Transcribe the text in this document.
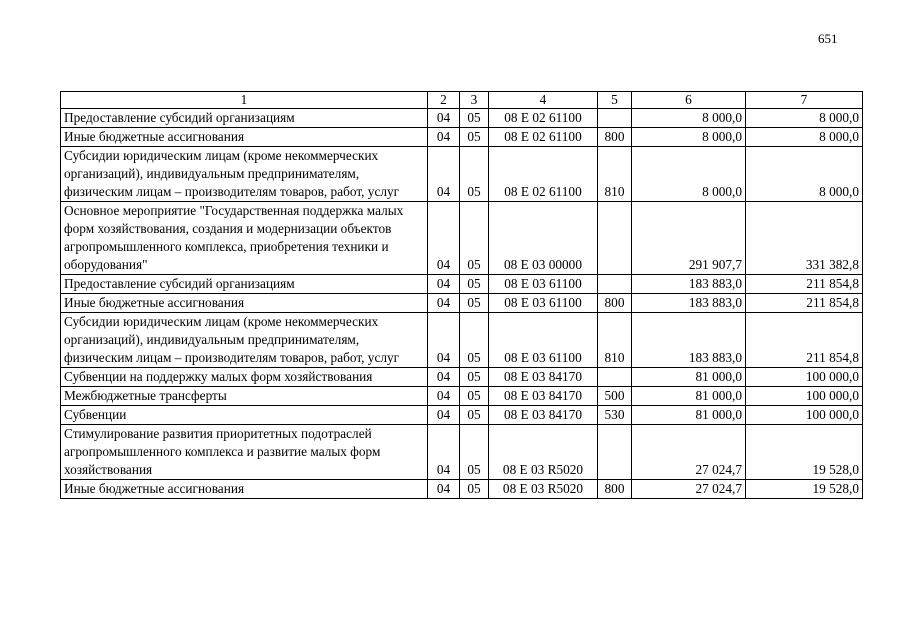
651
1	2	3	4	5	6	7
Предоставление субсидий организациям	04	05	08 Е 02 61100		8 000,0	8 000,0
Иные бюджетные ассигнования	04	05	08 Е 02 61100	800	8 000,0	8 000,0
Субсидии юридическим лицам (кроме некоммерческих организаций), индивидуальным предпринимателям, физическим лицам – производителям товаров, работ, услуг	04	05	08 Е 02 61100	810	8 000,0	8 000,0
Основное мероприятие "Государственная поддержка малых форм хозяйствования, создания и модернизации объектов агропромышленного комплекса, приобретения техники и оборудования"	04	05	08 Е 03 00000		291 907,7	331 382,8
Предоставление субсидий организациям	04	05	08 Е 03 61100		183 883,0	211 854,8
Иные бюджетные ассигнования	04	05	08 Е 03 61100	800	183 883,0	211 854,8
Субсидии юридическим лицам (кроме некоммерческих организаций), индивидуальным предпринимателям, физическим лицам – производителям товаров, работ, услуг	04	05	08 Е 03 61100	810	183 883,0	211 854,8
Субвенции на поддержку малых форм хозяйствования	04	05	08 Е 03 84170		81 000,0	100 000,0
Межбюджетные трансферты	04	05	08 Е 03 84170	500	81 000,0	100 000,0
Субвенции	04	05	08 Е 03 84170	530	81 000,0	100 000,0
Стимулирование развития приоритетных подотраслей агропромышленного комплекса и развитие малых форм хозяйствования	04	05	08 Е 03 R5020		27 024,7	19 528,0
Иные бюджетные ассигнования	04	05	08 Е 03 R5020	800	27 024,7	19 528,0
